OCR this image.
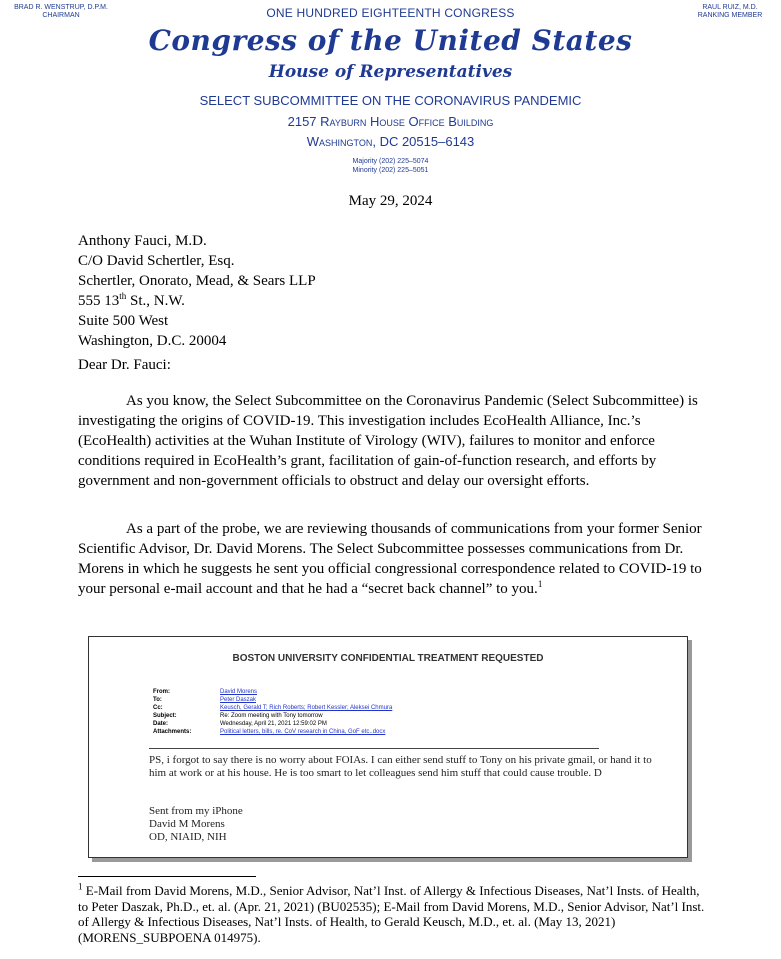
BRAD R. WENSTRUP, D.P.M.
CHAIRMAN
RAUL RUIZ, M.D.
RANKING MEMBER
ONE HUNDRED EIGHTEENTH CONGRESS
Congress of the United States
House of Representatives
SELECT SUBCOMMITTEE ON THE CORONAVIRUS PANDEMIC
2157 Rayburn House Office Building
Washington, DC 20515–6143
Majority (202) 225–5074
Minority (202) 225–5051
May 29, 2024
Anthony Fauci, M.D.
C/O David Schertler, Esq.
Schertler, Onorato, Mead, & Sears LLP
555 13th St., N.W.
Suite 500 West
Washington, D.C. 20004
Dear Dr. Fauci:
As you know, the Select Subcommittee on the Coronavirus Pandemic (Select Subcommittee) is investigating the origins of COVID-19. This investigation includes EcoHealth Alliance, Inc.’s (EcoHealth) activities at the Wuhan Institute of Virology (WIV), failures to monitor and enforce conditions required in EcoHealth’s grant, facilitation of gain-of-function research, and efforts by government and non-government officials to obstruct and delay our oversight efforts.
As a part of the probe, we are reviewing thousands of communications from your former Senior Scientific Advisor, Dr. David Morens. The Select Subcommittee possesses communications from Dr. Morens in which he suggests he sent you official congressional correspondence related to COVID-19 to your personal e-mail account and that he had a “secret back channel” to you.$^1$
BOSTON UNIVERSITY CONFIDENTIAL TREATMENT REQUESTED
From:	David Morens
To:	Peter Daszak
Cc:	Keusch, Gerald T; Rich Roberts; Robert Kessler; Aleksei Chmura
Subject:	Re: Zoom meeting with Tony tomorrow
Date:	Wednesday, April 21, 2021 12:59:02 PM
Attachments:	Political letters, bills, re. CoV research in China, GoF etc..docx
PS, i forgot to say there is no worry about FOIAs. I can either send stuff to Tony on his private gmail, or hand it to him at work or at his house. He is too smart to let colleagues send him stuff that could cause trouble. D
Sent from my iPhone
David M Morens
OD, NIAID, NIH
$^1$ E-Mail from David Morens, M.D., Senior Advisor, Nat’l Inst. of Allergy & Infectious Diseases, Nat’l Insts. of Health, to Peter Daszak, Ph.D., et. al. (Apr. 21, 2021) (BU02535); E-Mail from David Morens, M.D., Senior Advisor, Nat’l Inst. of Allergy & Infectious Diseases, Nat’l Insts. of Health, to Gerald Keusch, M.D., et. al. (May 13, 2021) (MORENS_SUBPOENA 014975).
